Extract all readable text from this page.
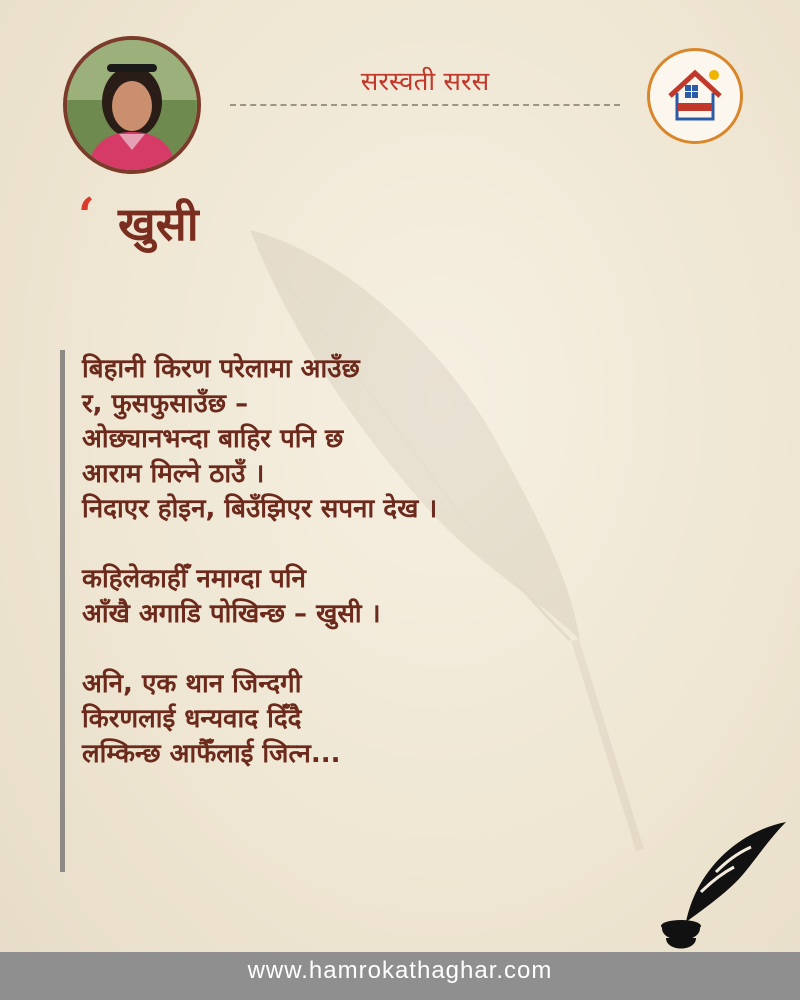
सरस्वती सरस
‘ खुसी
बिहानी किरण परेलामा आउँछ
र, फुसफुसाउँछ –
ओछ्यानभन्दा बाहिर पनि छ
आराम मिल्ने ठाउँ ।
निदाएर होइन, बिउँझिएर सपना देख ।
कहिलेकाहीँ नमाग्दा पनि
आँखै अगाडि पोखिन्छ – खुसी ।
अनि, एक थान जिन्दगी
किरणलाई धन्यवाद दिँदै
लम्किन्छ आफैँलाई जित्न...
www.hamrokathaghar.com
